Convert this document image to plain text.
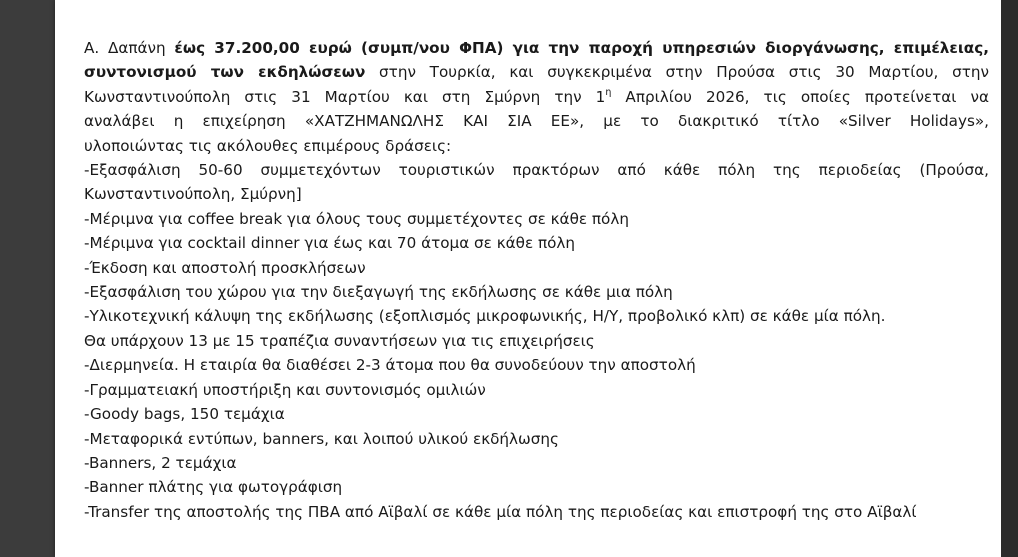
Α. Δαπάνη έως 37.200,00 ευρώ (συμπ/νου ΦΠΑ) για την παροχή υπηρεσιών διοργάνωσης, επιμέλειας,

συντονισμού των εκδηλώσεων στην Τουρκία, και συγκεκριμένα στην Προύσα στις 30 Μαρτίου, στην

Κωνσταντινούπολη στις 31 Μαρτίου και στη Σμύρνη την $1^\eta$ Απριλίου 2026, τις οποίες προτείνεται να

αναλάβει η επιχείρηση «ΧΑΤΖΗΜΑΝΩΛΗΣ ΚΑΙ ΣΙΑ ΕΕ», με το διακριτικό τίτλο «Silver Holidays»,

υλοποιώντας τις ακόλουθες επιμέρους δράσεις:

-Εξασφάλιση 50-60 συμμετεχόντων τουριστικών πρακτόρων από κάθε πόλη της περιοδείας (Προύσα, Κωνσταντινούπολη, Σμύρνη]

-Μέριμνα για coffee break για όλους τους συμμετέχοντες σε κάθε πόλη

-Μέριμνα για cocktail dinner για έως και 70 άτομα σε κάθε πόλη

-Έκδοση και αποστολή προσκλήσεων

-Εξασφάλιση του χώρου για την διεξαγωγή της εκδήλωσης σε κάθε μια πόλη

-Υλικοτεχνική κάλυψη της εκδήλωσης (εξοπλισμός μικροφωνικής, Η/Υ, προβολικό κλπ) σε κάθε μία πόλη.

Θα υπάρχουν 13 με 15 τραπέζια συναντήσεων για τις επιχειρήσεις

-Διερμηνεία. Η εταιρία θα διαθέσει 2-3 άτομα που θα συνοδεύουν την αποστολή

-Γραμματειακή υποστήριξη και συντονισμός ομιλιών

-Goody bags, 150 τεμάχια

-Μεταφορικά εντύπων, banners, και λοιπού υλικού εκδήλωσης

-Banners, 2 τεμάχια

-Banner πλάτης για φωτογράφιση

-Transfer της αποστολής της ΠΒΑ από Αϊβαλί σε κάθε μία πόλη της περιοδείας και επιστροφή της στο Αϊβαλί
